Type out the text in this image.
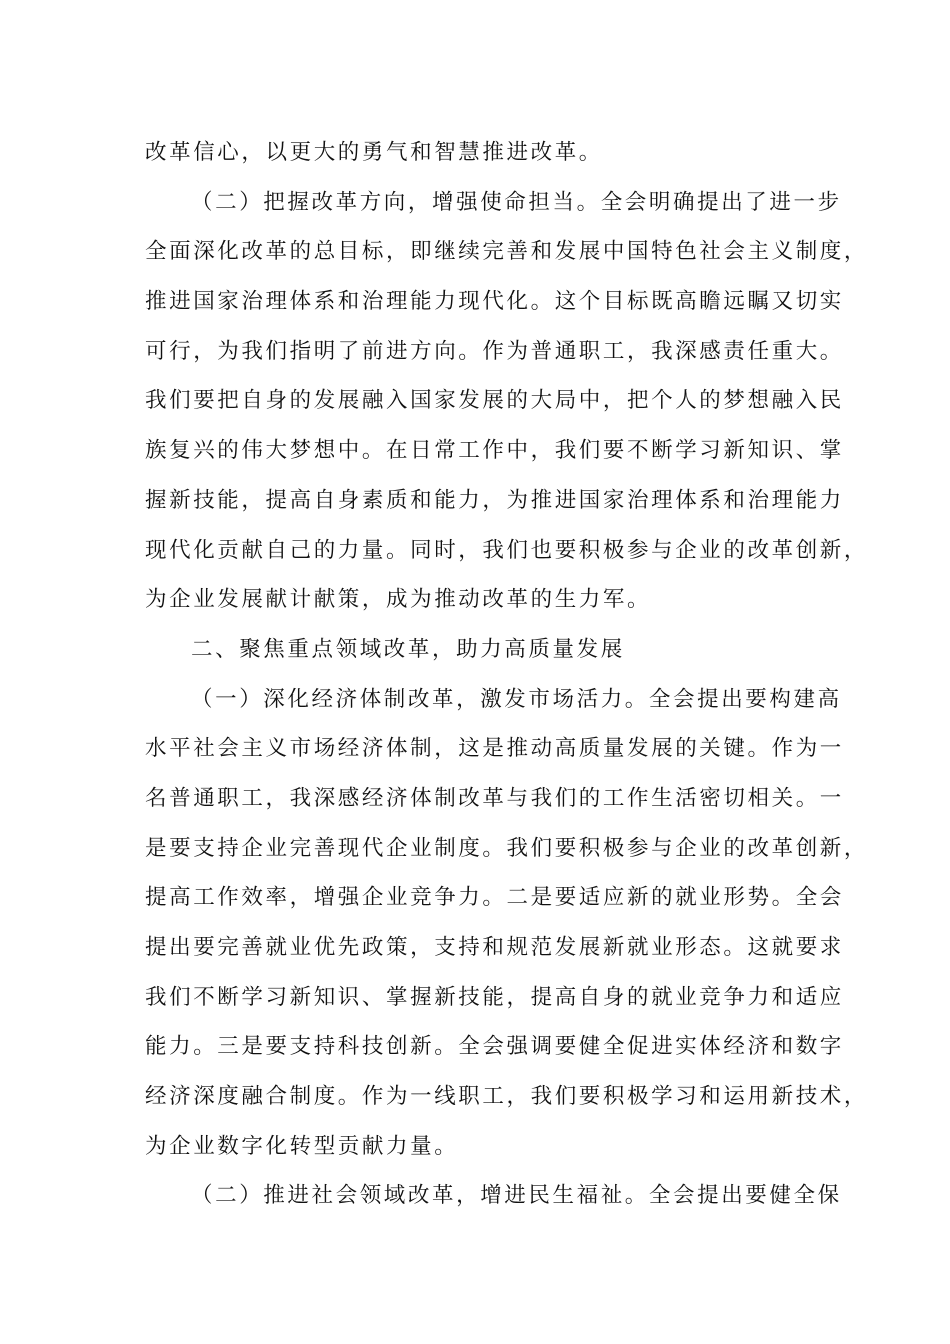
改革信心，以更大的勇气和智慧推进改革。
（二）把握改革方向，增强使命担当。全会明确提出了进一步
全面深化改革的总目标，即继续完善和发展中国特色社会主义制度，
推进国家治理体系和治理能力现代化。这个目标既高瞻远瞩又切实
可行，为我们指明了前进方向。作为普通职工，我深感责任重大。
我们要把自身的发展融入国家发展的大局中，把个人的梦想融入民
族复兴的伟大梦想中。在日常工作中，我们要不断学习新知识、掌
握新技能，提高自身素质和能力，为推进国家治理体系和治理能力
现代化贡献自己的力量。同时，我们也要积极参与企业的改革创新，
为企业发展献计献策，成为推动改革的生力军。
二、聚焦重点领域改革，助力高质量发展
（一）深化经济体制改革，激发市场活力。全会提出要构建高
水平社会主义市场经济体制，这是推动高质量发展的关键。作为一
名普通职工，我深感经济体制改革与我们的工作生活密切相关。一
是要支持企业完善现代企业制度。我们要积极参与企业的改革创新，
提高工作效率，增强企业竞争力。二是要适应新的就业形势。全会
提出要完善就业优先政策，支持和规范发展新就业形态。这就要求
我们不断学习新知识、掌握新技能，提高自身的就业竞争力和适应
能力。三是要支持科技创新。全会强调要健全促进实体经济和数字
经济深度融合制度。作为一线职工，我们要积极学习和运用新技术，
为企业数字化转型贡献力量。
（二）推进社会领域改革，增进民生福祉。全会提出要健全保
